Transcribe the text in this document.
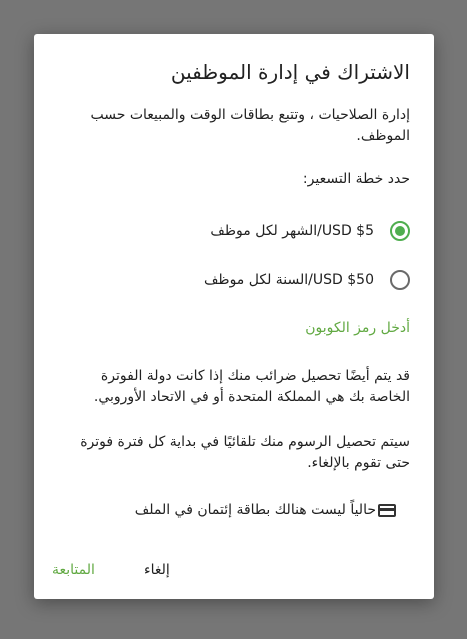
الاشتراك في إدارة الموظفين

إدارة الصلاحيات ، وتتبع بطاقات الوقت والمبيعات حسب الموظف.

حدد خطة التسعير:

USD $5/الشهر لكل موظف
USD $50/السنة لكل موظف
أدخل رمز الكوبون

قد يتم أيضًا تحصيل ضرائب منك إذا كانت دولة الفوترة الخاصة بك هي المملكة المتحدة أو في الاتحاد الأوروبي.

سيتم تحصيل الرسوم منك تلقائيًا في بداية كل فترة فوترة حتى تقوم بالإلغاء.

حالياً ليست هنالك بطاقة إئتمان في الملف
إلغاء
المتابعة
